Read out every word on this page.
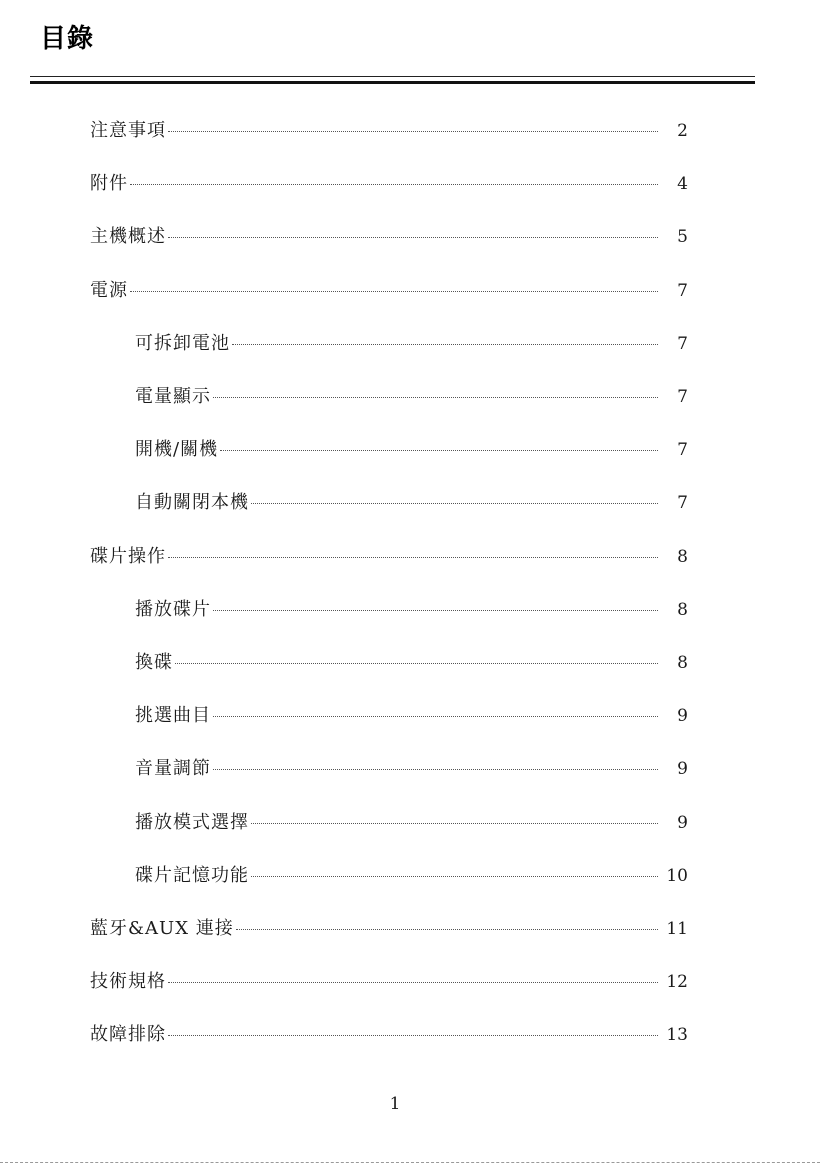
目錄
注意事項	2
附件	4
主機概述	5
電源	7
可拆卸電池	7
電量顯示	7
開機/關機	7
自動關閉本機	7
碟片操作	8
播放碟片	8
換碟	8
挑選曲目	9
音量調節	9
播放模式選擇	9
碟片記憶功能	10
藍牙&AUX 連接	11
技術規格	12
故障排除	13
1
